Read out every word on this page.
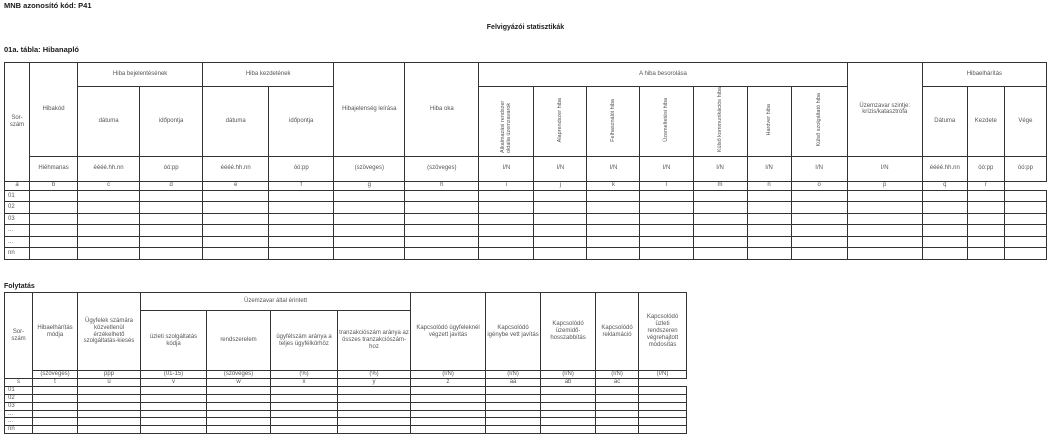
MNB azonosító kód: P41
Felvigyázói statisztikák
01a. tábla: Hibanapló
Sor-szám	Hibakód	Hiba bejelentésének		Hiba kezdetének		Hibajelenség leírása	Hiba oka	A hiba besorolása							Üzemzavar szintje: krízis/katasztrófa	Hibaelhárítás		
		dátuma	időpontja	dátuma	időpontja			Alkalmazási rendszer oldalia üzemzavarok	Alaprendszer hiba	Felhasználói hiba	Üzemeltetési hiba	Külső kommunikációs hiba	Hardver hiba	Külső szolgáltató hiba		Dátuma	Kezdete	Vége
	Hiéhmanas	éééé.hh.nn	óó:pp	éééé.hh.nn	óó:pp	(szöveges)	(szöveges)	I/N	I/N	I/N	I/N	I/N	I/N	I/N	I/N	éééé.hh.nn	óó:pp	óó:pp
a	b	c	d	e	f	g	h	i	j	k	l	m	n	o	p	q	r	
01																		
02																		
03																		
...																		
...																		
nn																		
Folytatás
Sor-szám	Hibaelhárítás módja	Ügyfelek számára közvetlenül érzékelhető szolgáltatás-kiesés	Üzemzavar által érintett				Kapcsolódó ügyfeleknél végzett javítás	Kapcsolódó igénybe vett javítás	Kapcsolódó üzemidő-hosszabbítás	Kapcsolódó reklamáció	Kapcsolódó üzleti rendszeren végrehajtott módosítás
			üzleti szolgáltatás kódja	rendszerelem	ügyfélszám aránya a teljes ügyfélkörhöz	tranzakciószám aránya az összes tranzakciószám-hoz					
	(szöveges)	ppp	(01-15)	(szöveges)	(%)	(%)	(I/N)	(I/N)	(I/N)	(I/N)	(I/N)
s	t	u	v	w	x	y	z	aa	ab	ac	
01											
02											
03											
...											
...											
nn											
